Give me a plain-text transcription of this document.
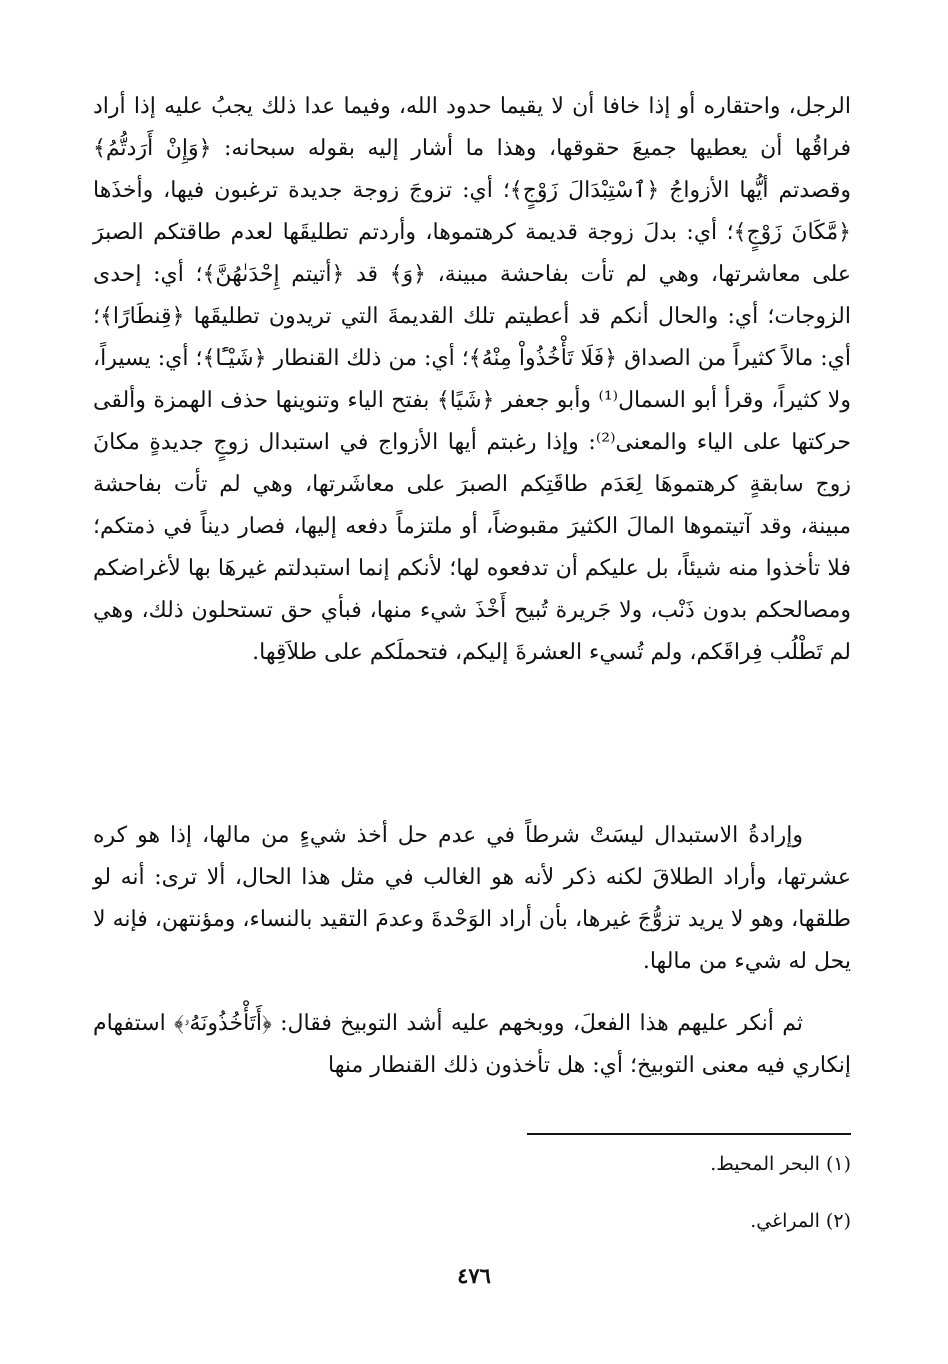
الرجل، واحتقاره أو إذا خافا أن لا يقيما حدود الله، وفيما عدا ذلك يجبُ عليه إذا أراد فراقُها أن يعطيها جميعَ حقوقها، وهذا ما أشار إليه بقوله سبحانه: ﴿وَإِنْ أَرَدتُّمُ﴾ وقصدتم أيُّها الأزواجُ ﴿ٱسْتِبْدَالَ زَوْجٍ﴾؛ أي: تزوجَ زوجة جديدة ترغبون فيها، وأخذَها ﴿مَّكَانَ زَوْجٍ﴾؛ أي: بدلَ زوجة قديمة كرهتموها، وأردتم تطليقَها لعدم طاقتكم الصبرَ على معاشرتها، وهي لم تأت بفاحشة مبينة، ﴿وَ﴾ قد ﴿أتيتم إِحْدَىٰهُنَّ﴾؛ أي: إحدى الزوجات؛ أي: والحال أنكم قد أعطيتم تلك القديمةَ التي تريدون تطليقَها ﴿قِنطَارًا﴾؛ أي: مالاً كثيراً من الصداق ﴿فَلَا تَأْخُذُواْ مِنْهُ﴾؛ أي: من ذلك القنطار ﴿شَيْـًٔا﴾؛ أي: يسيراً، ولا كثيراً، وقرأ أبو السمال⁽¹⁾ وأبو جعفر ﴿شَيًا﴾ بفتح الياء وتنوينها حذف الهمزة وألقى حركتها على الياء والمعنى⁽²⁾: وإذا رغبتم أيها الأزواج في استبدال زوجٍ جديدةٍ مكانَ زوج سابقةٍ كرهتموهَا لِعَدَم طاقَتِكم الصبرَ على معاشَرتها، وهي لم تأت بفاحشة مبينة، وقد آتيتموها المالَ الكثيرَ مقبوضاً، أو ملتزماً دفعه إليها، فصار ديناً في ذمتكم؛ فلا تأخذوا منه شيئاً، بل عليكم أن تدفعوه لها؛ لأنكم إنما استبدلتم غيرهَا بها لأغراضكم ومصالحكم بدون ذَنْب، ولا جَريرة تُبيح أَخْذَ شيء منها، فبأي حق تستحلون ذلك، وهي لم تَطْلُب فِراقَكم، ولم تُسيء العشرةَ إليكم، فتحملَكم على طلاَقِها.

وإرادةُ الاستبدال ليسَتْ شرطاً في عدم حل أخذ شيءٍ من مالها، إذا هو كره عشرتها، وأراد الطلاقَ لكنه ذكر لأنه هو الغالب في مثل هذا الحال، ألا ترى: أنه لو طلقها، وهو لا يريد تزوُّجَ غيرها، بأن أراد الوَحْدةَ وعدمَ التقيد بالنساء، ومؤنتهن، فإنه لا يحل له شيء من مالها.

ثم أنكر عليهم هذا الفعلَ، ووبخهم عليه أشد التوبيخ فقال: ﴿أَتَأْخُذُونَهُۥ﴾ استفهام إنكاري فيه معنى التوبيخ؛ أي: هل تأخذون ذلك القنطار منها

(١) البحر المحيط.
(٢) المراغي.
٤٧٦
